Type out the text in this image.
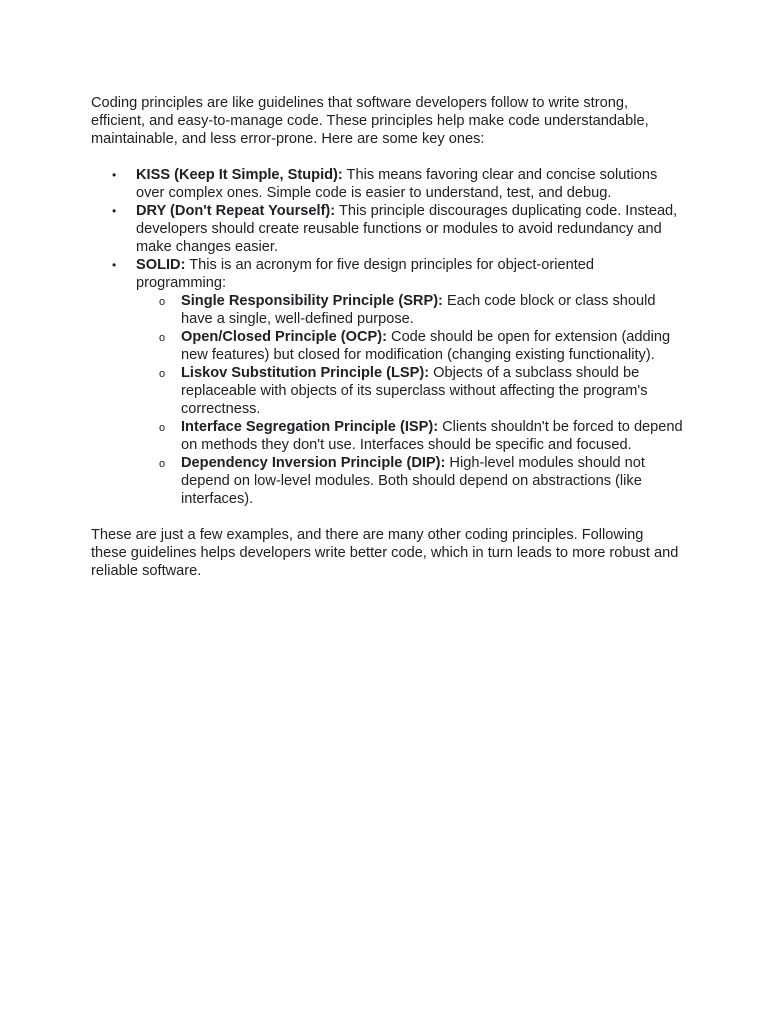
Coding principles are like guidelines that software developers follow to write strong, efficient, and easy-to-manage code. These principles help make code understandable, maintainable, and less error-prone. Here are some key ones:

• KISS (Keep It Simple, Stupid): This means favoring clear and concise solutions over complex ones. Simple code is easier to understand, test, and debug.
• DRY (Don't Repeat Yourself): This principle discourages duplicating code. Instead, developers should create reusable functions or modules to avoid redundancy and make changes easier.
• SOLID: This is an acronym for five design principles for object-oriented programming:
o Single Responsibility Principle (SRP): Each code block or class should have a single, well-defined purpose.
o Open/Closed Principle (OCP): Code should be open for extension (adding new features) but closed for modification (changing existing functionality).
o Liskov Substitution Principle (LSP): Objects of a subclass should be replaceable with objects of its superclass without affecting the program's correctness.
o Interface Segregation Principle (ISP): Clients shouldn't be forced to depend on methods they don't use. Interfaces should be specific and focused.
o Dependency Inversion Principle (DIP): High-level modules should not depend on low-level modules. Both should depend on abstractions (like interfaces).

These are just a few examples, and there are many other coding principles. Following these guidelines helps developers write better code, which in turn leads to more robust and reliable software.
